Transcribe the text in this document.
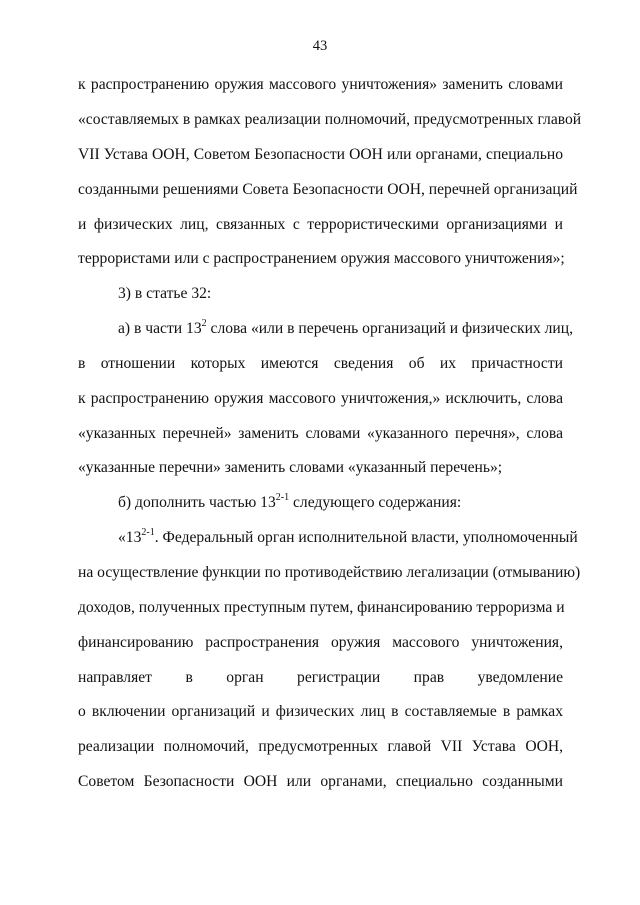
43
к распространению оружия массового уничтожения» заменить словами
«составляемых в рамках реализации полномочий, предусмотренных главой
VII Устава ООН, Советом Безопасности ООН или органами, специально
созданными решениями Совета Безопасности ООН, перечней организаций
и физических лиц, связанных с террористическими организациями и
террористами или с распространением оружия массового уничтожения»;
3) в статье 32:
а) в части $13^2$ слова «или в перечень организаций и физических лиц,
в отношении которых имеются сведения об их причастности
к распространению оружия массового уничтожения,» исключить, слова
«указанных перечней» заменить словами «указанного перечня», слова
«указанные перечни» заменить словами «указанный перечень»;
б) дополнить частью 13$^{2-1}$ следующего содержания:
«13$^{2-1}$. Федеральный орган исполнительной власти, уполномоченный
на осуществление функции по противодействию легализации (отмыванию)
доходов, полученных преступным путем, финансированию терроризма и
финансированию распространения оружия массового уничтожения,
направляет в орган регистрации прав уведомление
о включении организаций и физических лиц в составляемые в рамках
реализации полномочий, предусмотренных главой VII Устава ООН,
Советом Безопасности ООН или органами, специально созданными
